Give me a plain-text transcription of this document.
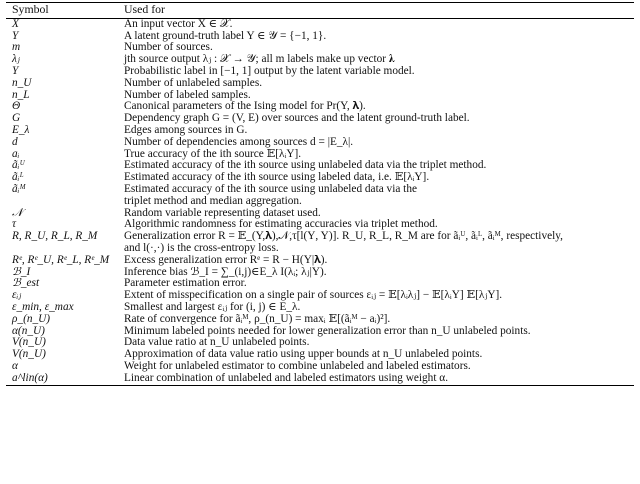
Symbol	Used for
X	An input vector X ∈ 𝒳.

Y	A latent ground-truth label Y ∈ 𝒴 = {−1, 1}.

m	Number of sources.

λⱼ	jth source output λⱼ : 𝒳 → 𝒴; all m labels make up vector 𝛌

Ỹ	Probabilistic label in [−1, 1] output by the latent variable model.

n_U	Number of unlabeled samples.

n_L	Number of labeled samples.

Θ	Canonical parameters of the Ising model for Pr(Y, 𝛌).

G	Dependency graph G = (V, E) over sources and the latent ground-truth label.

E_λ	Edges among sources in G.

d	Number of dependencies among sources d = |E_λ|.

aᵢ	True accuracy of the ith source 𝔼[λᵢY].

ãᵢᵁ	Estimated accuracy of the ith source using unlabeled data via the triplet method.

ãᵢᴸ	Estimated accuracy of the ith source using labeled data, i.e. 𝔼̂[λᵢY].

ãᵢᴹ	Estimated accuracy of the ith source using unlabeled data via the
triplet method and median aggregation.

𝒩	Random variable representing dataset used.

τ	Algorithmic randomness for estimating accuracies via triplet method.

R, R_U, R_L, R_M	Generalization error R = 𝔼_(Y,𝛌),𝒩,τ[l(Ỹ, Y)]. R_U, R_L, R_M are for ãᵢᵁ, ãᵢᴸ, ãᵢᴹ, respectively,
and l(·,·) is the cross-entropy loss.

Rᵉ, Rᵉ_U, Rᵉ_L, Rᵉ_M	Excess generalization error Rᵉ = R − H(Y|𝛌).

ℬ_I	Inference bias ℬ_I = ∑_(i,j)∈E_λ I(λᵢ; λⱼ|Y).

ℬ_est	Parameter estimation error.

εᵢⱼ	Extent of misspecification on a single pair of sources εᵢⱼ = 𝔼[λᵢλⱼ] − 𝔼[λᵢY] 𝔼[λⱼY].

ε_min, ε_max	Smallest and largest εᵢⱼ for (i, j) ∈ E_λ.

ρ_(n_U)	Rate of convergence for ãᵢᴹ, ρ_(n_U) = maxᵢ 𝔼[(ãᵢᴹ − aᵢ)²].

α(n_U)	Minimum labeled points needed for lower generalization error than n_U unlabeled points.

V(n_U)	Data value ratio at n_U unlabeled points.

Ṽ(n_U)	Approximation of data value ratio using upper bounds at n_U unlabeled points.

α	Weight for unlabeled estimator to combine unlabeled and labeled estimators.

a^lin(α)	Linear combination of unlabeled and labeled estimators using weight α.
